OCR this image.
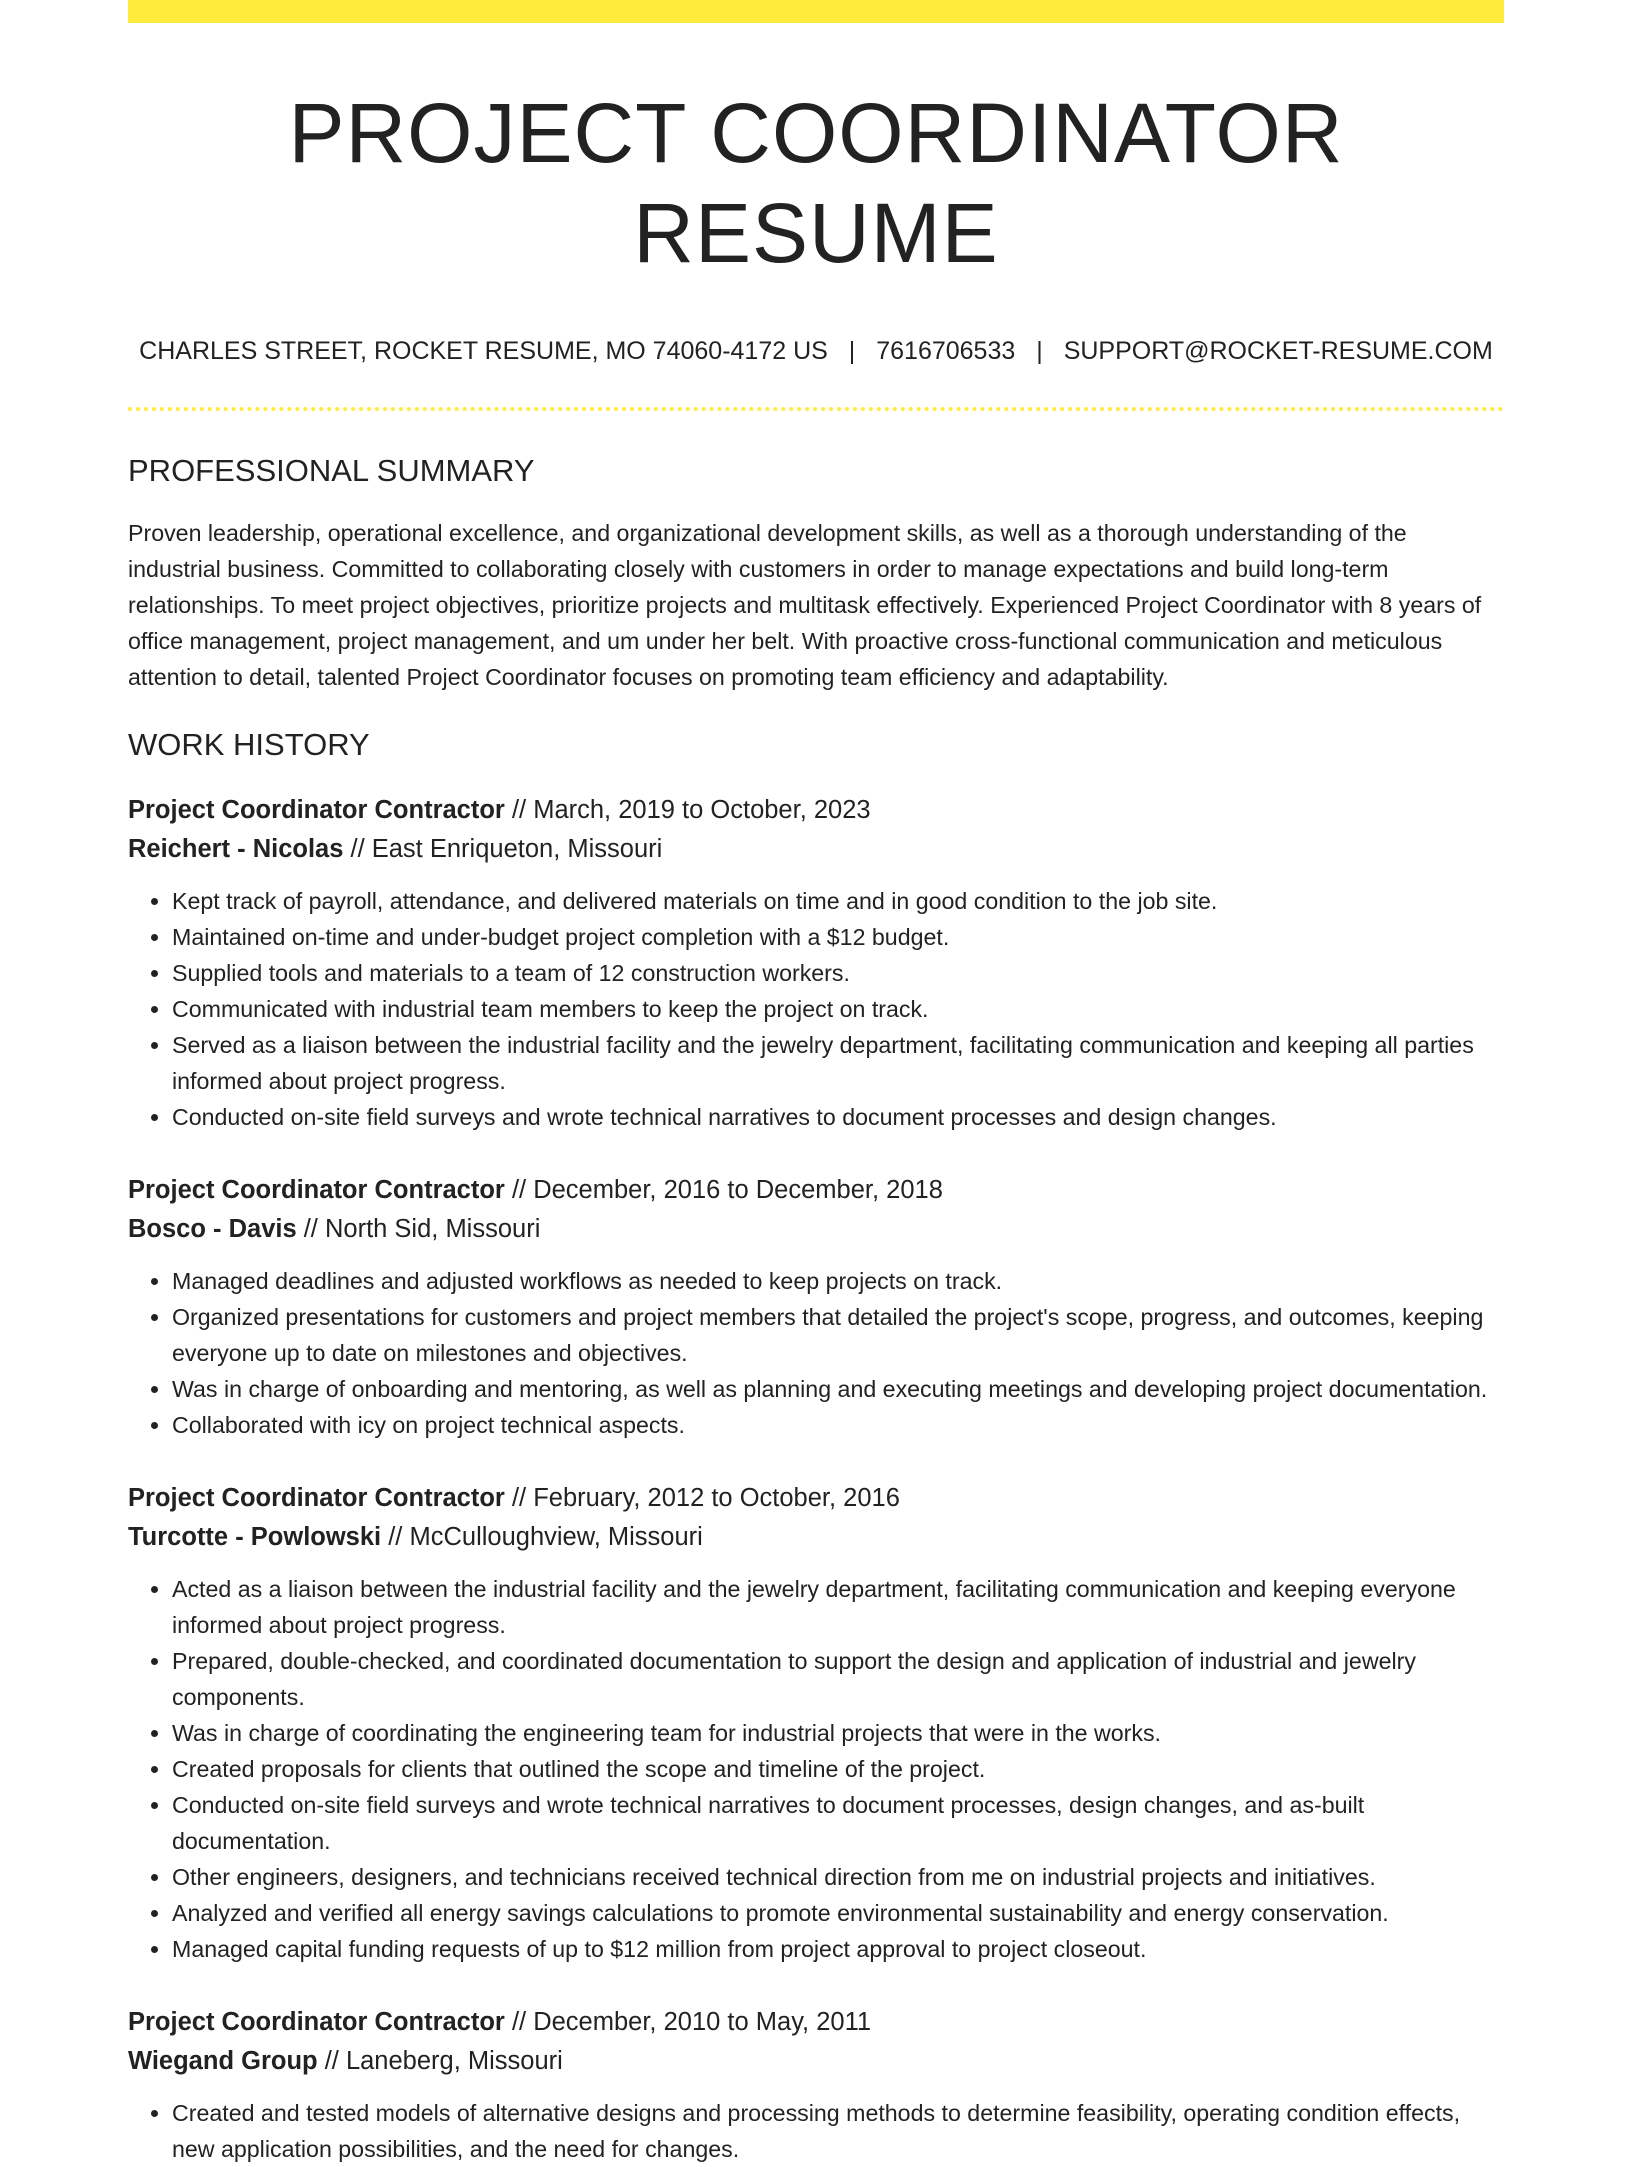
PROJECT COORDINATOR RESUME
CHARLES STREET, ROCKET RESUME, MO 74060-4172 US | 7616706533 | SUPPORT@ROCKET-RESUME.COM
PROFESSIONAL SUMMARY

Proven leadership, operational excellence, and organizational development skills, as well as a thorough understanding of the industrial business. Committed to collaborating closely with customers in order to manage expectations and build long-term relationships. To meet project objectives, prioritize projects and multitask effectively. Experienced Project Coordinator with 8 years of office management, project management, and um under her belt. With proactive cross-functional communication and meticulous attention to detail, talented Project Coordinator focuses on promoting team efficiency and adaptability.

WORK HISTORY
Project Coordinator Contractor // March, 2019 to October, 2023
Reichert - Nicolas // East Enriqueton, Missouri
• Kept track of payroll, attendance, and delivered materials on time and in good condition to the job site.
• Maintained on-time and under-budget project completion with a $12 budget.
• Supplied tools and materials to a team of 12 construction workers.
• Communicated with industrial team members to keep the project on track.
• Served as a liaison between the industrial facility and the jewelry department, facilitating communication and keeping all parties informed about project progress.
• Conducted on-site field surveys and wrote technical narratives to document processes and design changes.
Project Coordinator Contractor // December, 2016 to December, 2018
Bosco - Davis // North Sid, Missouri
• Managed deadlines and adjusted workflows as needed to keep projects on track.
• Organized presentations for customers and project members that detailed the project's scope, progress, and outcomes, keeping everyone up to date on milestones and objectives.
• Was in charge of onboarding and mentoring, as well as planning and executing meetings and developing project documentation.
• Collaborated with icy on project technical aspects.
Project Coordinator Contractor // February, 2012 to October, 2016
Turcotte - Powlowski // McCulloughview, Missouri
• Acted as a liaison between the industrial facility and the jewelry department, facilitating communication and keeping everyone informed about project progress.
• Prepared, double-checked, and coordinated documentation to support the design and application of industrial and jewelry components.
• Was in charge of coordinating the engineering team for industrial projects that were in the works.
• Created proposals for clients that outlined the scope and timeline of the project.
• Conducted on-site field surveys and wrote technical narratives to document processes, design changes, and as-built documentation.
• Other engineers, designers, and technicians received technical direction from me on industrial projects and initiatives.
• Analyzed and verified all energy savings calculations to promote environmental sustainability and energy conservation.
• Managed capital funding requests of up to $12 million from project approval to project closeout.
Project Coordinator Contractor // December, 2010 to May, 2011
Wiegand Group // Laneberg, Missouri
• Created and tested models of alternative designs and processing methods to determine feasibility, operating condition effects, new application possibilities, and the need for changes.
